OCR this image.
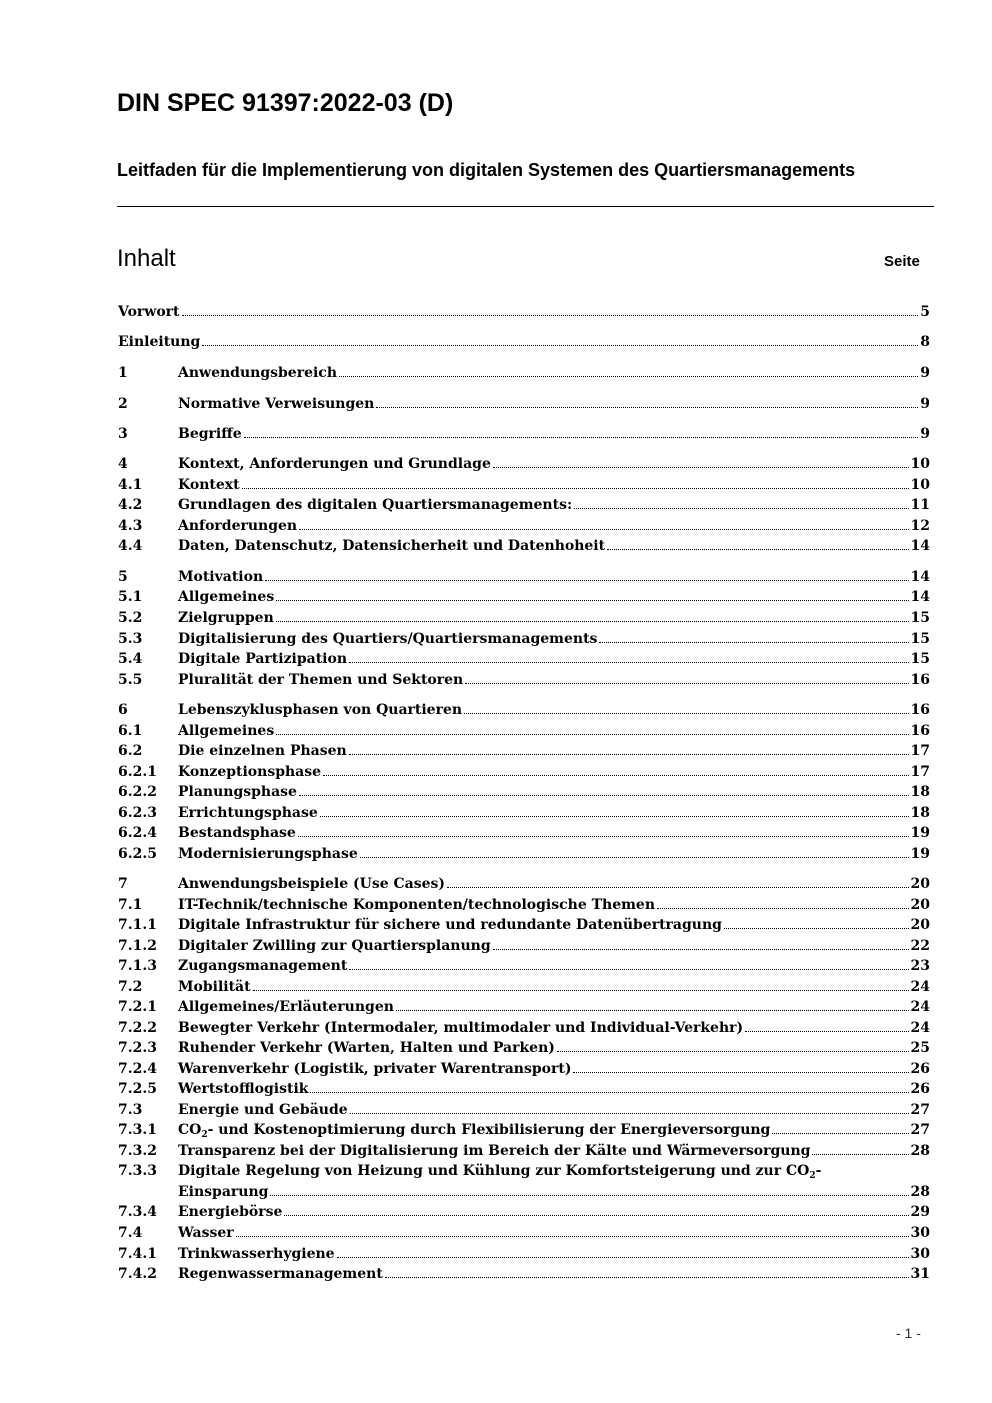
DIN SPEC 91397:2022-03 (D)
Leitfaden für die Implementierung von digitalen Systemen des Quartiersmanagements
Inhalt	Seite
Vorwort	5
Einleitung	8
1	Anwendungsbereich	9
2	Normative Verweisungen	9
3	Begriffe	9
4	Kontext, Anforderungen und Grundlage	10
4.1	Kontext	10
4.2	Grundlagen des digitalen Quartiersmanagements:	11
4.3	Anforderungen	12
4.4	Daten, Datenschutz, Datensicherheit und Datenhoheit	14
5	Motivation	14
5.1	Allgemeines	14
5.2	Zielgruppen	15
5.3	Digitalisierung des Quartiers/Quartiersmanagements	15
5.4	Digitale Partizipation	15
5.5	Pluralität der Themen und Sektoren	16
6	Lebenszyklusphasen von Quartieren	16
6.1	Allgemeines	16
6.2	Die einzelnen Phasen	17
6.2.1	Konzeptionsphase	17
6.2.2	Planungsphase	18
6.2.3	Errichtungsphase	18
6.2.4	Bestandsphase	19
6.2.5	Modernisierungsphase	19
7	Anwendungsbeispiele (Use Cases)	20
7.1	IT-Technik/technische Komponenten/technologische Themen	20
7.1.1	Digitale Infrastruktur für sichere und redundante Datenübertragung	20
7.1.2	Digitaler Zwilling zur Quartiersplanung	22
7.1.3	Zugangsmanagement	23
7.2	Mobilität	24
7.2.1	Allgemeines/Erläuterungen	24
7.2.2	Bewegter Verkehr (Intermodaler, multimodaler und Individual-Verkehr)	24
7.2.3	Ruhender Verkehr (Warten, Halten und Parken)	25
7.2.4	Warenverkehr (Logistik, privater Warentransport)	26
7.2.5	Wertstofflogistik	26
7.3	Energie und Gebäude	27
7.3.1	$CO_2-$ und Kostenoptimierung durch Flexibilisierung der Energieversorgung	27
7.3.2	Transparenz bei der Digitalisierung im Bereich der Kälte und Wärmeversorgung	28
7.3.3 Digitale Regelung von Heizung und Kühlung zur Komfortsteigerung und zur $CO_2-$
Einsparung	28
7.3.4	Energiebörse	29
7.4	Wasser	30
7.4.1	Trinkwasserhygiene	30
7.4.2	Regenwassermanagement	31
- 1 -
